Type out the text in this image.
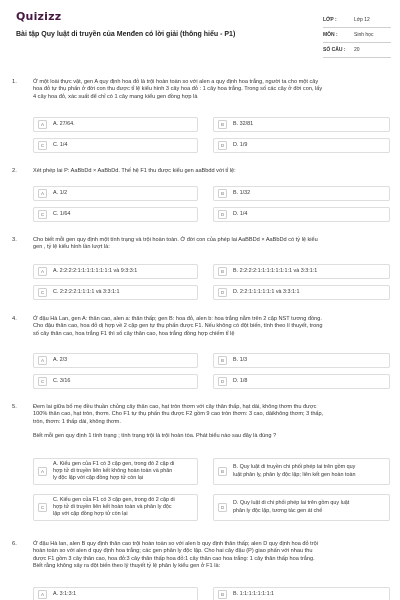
Quizizz
Bài tập Quy luật di truyền của Menđen có lời giải (thông hiểu - P1)
LỚP :	Lớp 12
MÔN :	Sinh học
SỐ CÂU :	20
1.	Ở một loài thực vật, gen A quy định hoa đỏ là trội hoàn toàn so với alen a quy định hoa trắng, người ta cho một cây
hoa đỏ tự thụ phấn ở đời con thu được tỉ lệ kiểu hình 3 cây hoa đỏ : 1 cây hoa trắng. Trong số các cây ở đời con, lấy
4 cây hoa đỏ, xác suất để chỉ có 1 cây mang kiểu gen đồng hợp là
A	A. 27/64.	B	B. 32/81
C	C. 1/4	D	D. 1/9
2.	Xét phép lai P: AaBbDd × AaBbDd. Thế hệ F1 thu được kiểu gen aaBbdd với tỉ lệ:
A	A. 1/2	B	B. 1/32
C	C. 1/64	D	D. 1/4
3.	Cho biết mỗi gen quy định một tính trạng và trội hoàn toàn. Ở đời con của phép lai AaBBDd × AaBbDd có tỷ lệ kiểu
gen , tỷ lệ kiểu hình lần lượt là:
A	A. 2:2:2:2:1:1:1:1:1:1:1:1 và 9:3:3:1	B	B. 2:2:2:2:1:1:1:1:1:1:1:1 và 3:3:1:1
C	C. 2:2:2:2:1:1:1:1 và 3:3:1:1	D	D. 2:2:1:1:1:1:1:1 và 3:3:1:1
4.	Ở đậu Hà Lan, gen A: thân cao, alen a: thân thấp; gen B: hoa đỏ, alen b: hoa trắng nằm trên 2 cặp NST tương đồng.
Cho đậu thân cao, hoa đỏ dị hợp về 2 cặp gen tự thụ phấn được F1. Nếu không có đột biến, tính theo lí thuyết, trong
số cây thân cao, hoa trắng F1 thì số cây thân cao, hoa trắng đồng hợp chiếm tỉ lệ
A	A. 2/3	B	B. 1/3
C	C. 3/16	D	D. 1/8
5.	Đem lai giữa bố mẹ đều thuần chủng cây thân cao, hạt tròn thơm với cây thân thấp, hạt dài, không thơm thu được
100% thân cao, hạt tròn, thơm. Cho F1 tự thụ phấn thu được F2 gồm 9 cao tròn thơm: 3 cao, dàikhông thơm; 3 thấp,
tròn, thơm: 1 thấp dài, không thơm.
Biết mỗi gen quy định 1 tính trạng ; tính trạng trội là trội hoàn tòa. Phát biểu nào sau đây là đúng ?
A
A. Kiểu gen của F1 có 3 cặp gen, trong đó 2 cặp di
hợp tử di truyền liên kết không hoàn toàn và phân
ly độc lập với cặp đồng hợp tử còn lại
B
B. Quy luật di truyền chi phối phép lai trên gồm quy
luật phân ly, phân ly độc lập; liên kết gen hoàn toàn
C
C. Kiểu gen của F1 có 3 cặp gen, trong đó 2 cặp di
hợp tử di truyền liên kết hoàn toàn và phân ly độc
lập với cặp đồng hợp tử còn lại
D
D. Quy luật di chi phối phép lai trên gồm quy luật
phân ly độc lập, tương tác gen át chế
6.	Ở đậu Hà lan, alen B quy định thân cao trội hoàn toàn so với alen b quy định thân thấp; alen D quy định hoa đỏ trội
hoàn toàn so với alen d quy định hoa trắng; các gen phân ly độc lập. Cho hai cây đậu (P) giao phấn với nhau thu
được F1 gồm 3 cây thân cao, hoa đỏ:3 cây thân thấp hoa đỏ:1 cây thân cao hoa trắng: 1 cây thân thấp hoa trắng.
Biết rằng không xảy ra đột biến theo lý thuyết tỷ lệ phân ly kiểu gen ở F1 là:
A	A. 3:1:3:1	B	B. 1:1:1:1:1:1:1:1
